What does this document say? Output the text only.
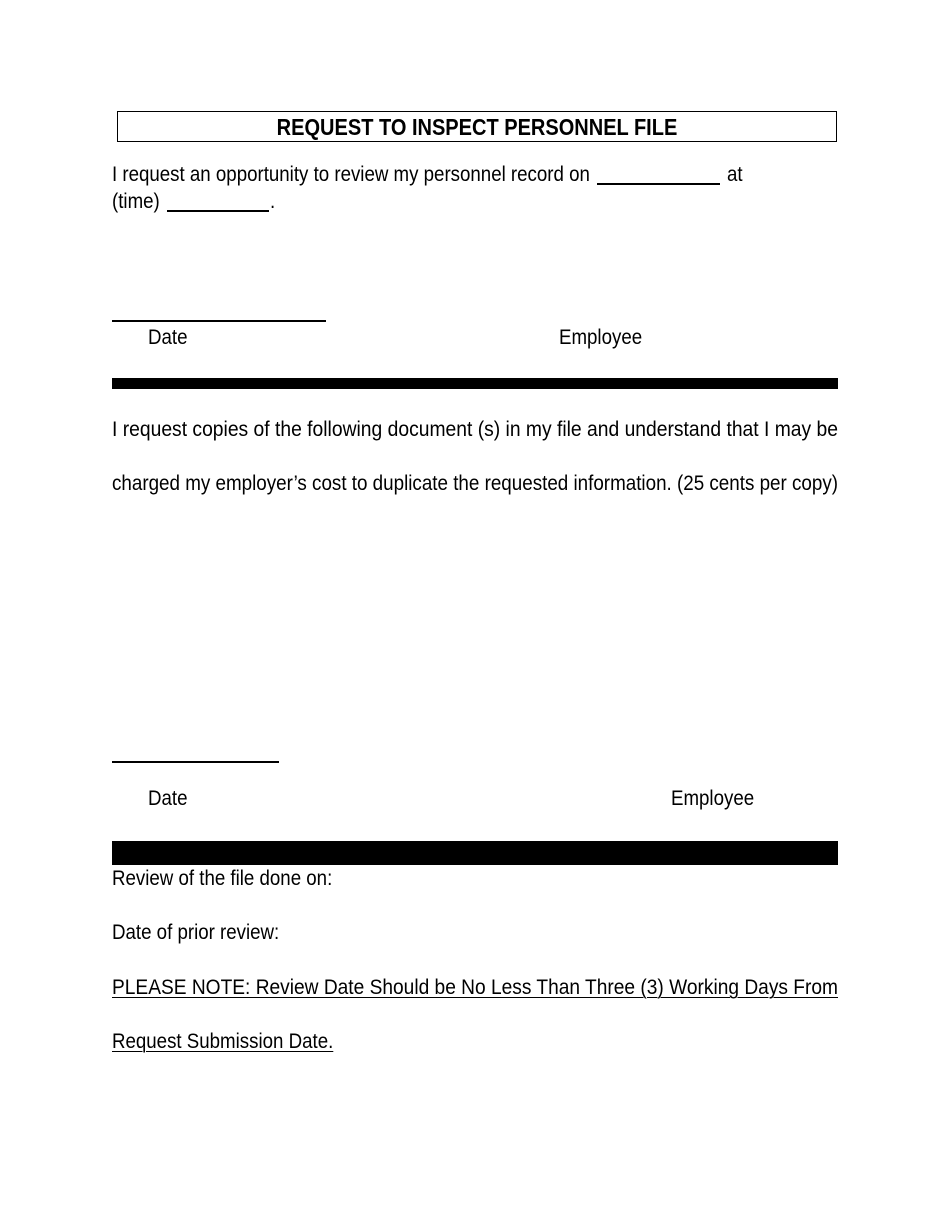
REQUEST TO INSPECT PERSONNEL FILE
I request an opportunity to review my personnel record on	at
(time)	.
Date	Employee
I request copies of the following document (s) in my file and understand that I may be
charged my employer’s cost to duplicate the requested information. (25 cents per copy)
Date	Employee
Review of the file done on:
Date of prior review:
PLEASE NOTE: Review Date Should be No Less Than Three (3) Working Days From
Request Submission Date.
